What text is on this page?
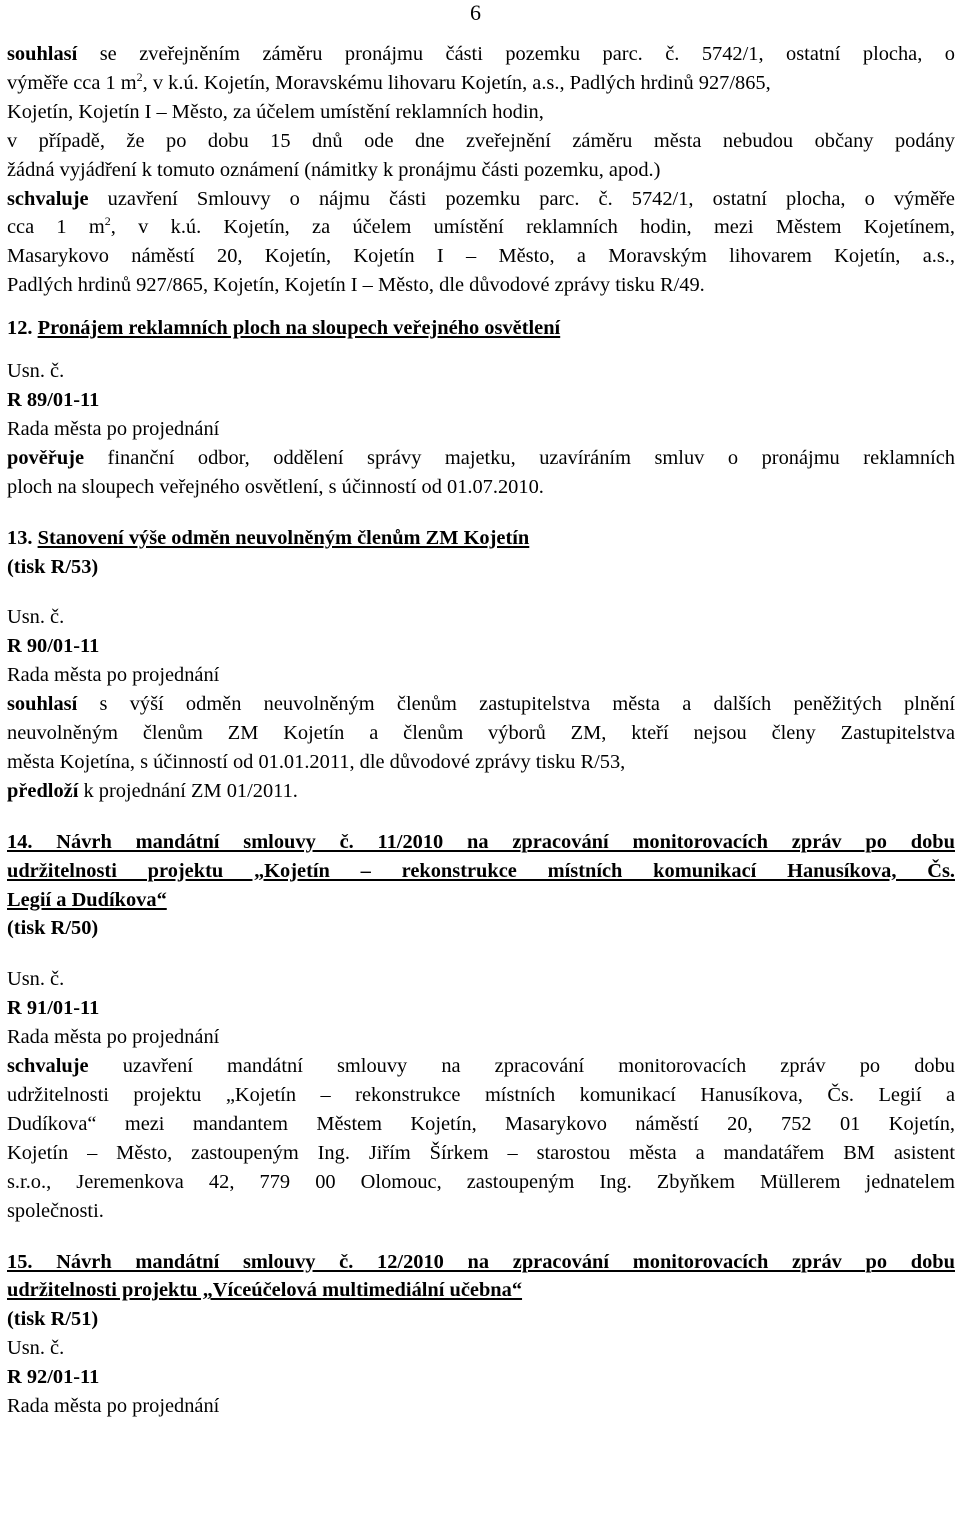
6
souhlasí se zveřejněním záměru pronájmu části pozemku parc. č. 5742/1, ostatní plocha, o
výměře cca 1 $m^2$, v k.ú. Kojetín, Moravskému lihovaru Kojetín, a.s., Padlých hrdinů 927/865,
Kojetín, Kojetín I – Město, za účelem umístění reklamních hodin,
v případě, že po dobu 15 dnů ode dne zveřejnění záměru města nebudou občany podány
žádná vyjádření k tomuto oznámení (námitky k pronájmu části pozemku, apod.)
schvaluje uzavření Smlouvy o nájmu části pozemku parc. č. 5742/1, ostatní plocha, o výměře
cca 1 $m^2$, v k.ú. Kojetín, za účelem umístění reklamních hodin, mezi Městem Kojetínem,
Masarykovo náměstí 20, Kojetín, Kojetín I – Město, a Moravským lihovarem Kojetín, a.s.,
Padlých hrdinů 927/865, Kojetín, Kojetín I – Město, dle důvodové zprávy tisku R/49.
12. Pronájem reklamních ploch na sloupech veřejného osvětlení
Usn. č.
R 89/01-11
Rada města po projednání
pověřuje finanční odbor, oddělení správy majetku, uzavíráním smluv o pronájmu reklamních
ploch na sloupech veřejného osvětlení, s účinností od 01.07.2010.
13. Stanovení výše odměn neuvolněným členům ZM Kojetín
(tisk R/53)
Usn. č.
R 90/01-11
Rada města po projednání
souhlasí s výší odměn neuvolněným členům zastupitelstva města a dalších peněžitých plnění
neuvolněným členům ZM Kojetín a členům výborů ZM, kteří nejsou členy Zastupitelstva
města Kojetína, s účinností od 01.01.2011, dle důvodové zprávy tisku R/53,
předloží k projednání ZM 01/2011.
14. Návrh mandátní smlouvy č. 11/2010 na zpracování monitorovacích zpráv po dobu
udržitelnosti projektu „Kojetín – rekonstrukce místních komunikací Hanusíkova, Čs.
Legií a Dudíkova“
(tisk R/50)
Usn. č.
R 91/01-11
Rada města po projednání
schvaluje uzavření mandátní smlouvy na zpracování monitorovacích zpráv po dobu
udržitelnosti projektu „Kojetín – rekonstrukce místních komunikací Hanusíkova, Čs. Legií a
Dudíkova“ mezi mandantem Městem Kojetín, Masarykovo náměstí 20, 752 01 Kojetín,
Kojetín – Město, zastoupeným Ing. Jiřím Šírkem – starostou města a mandatářem BM asistent
s.r.o., Jeremenkova 42, 779 00 Olomouc, zastoupeným Ing. Zbyňkem Müllerem jednatelem
společnosti.
15. Návrh mandátní smlouvy č. 12/2010 na zpracování monitorovacích zpráv po dobu
udržitelnosti projektu „Víceúčelová multimediální učebna“
(tisk R/51)
Usn. č.
R 92/01-11
Rada města po projednání
